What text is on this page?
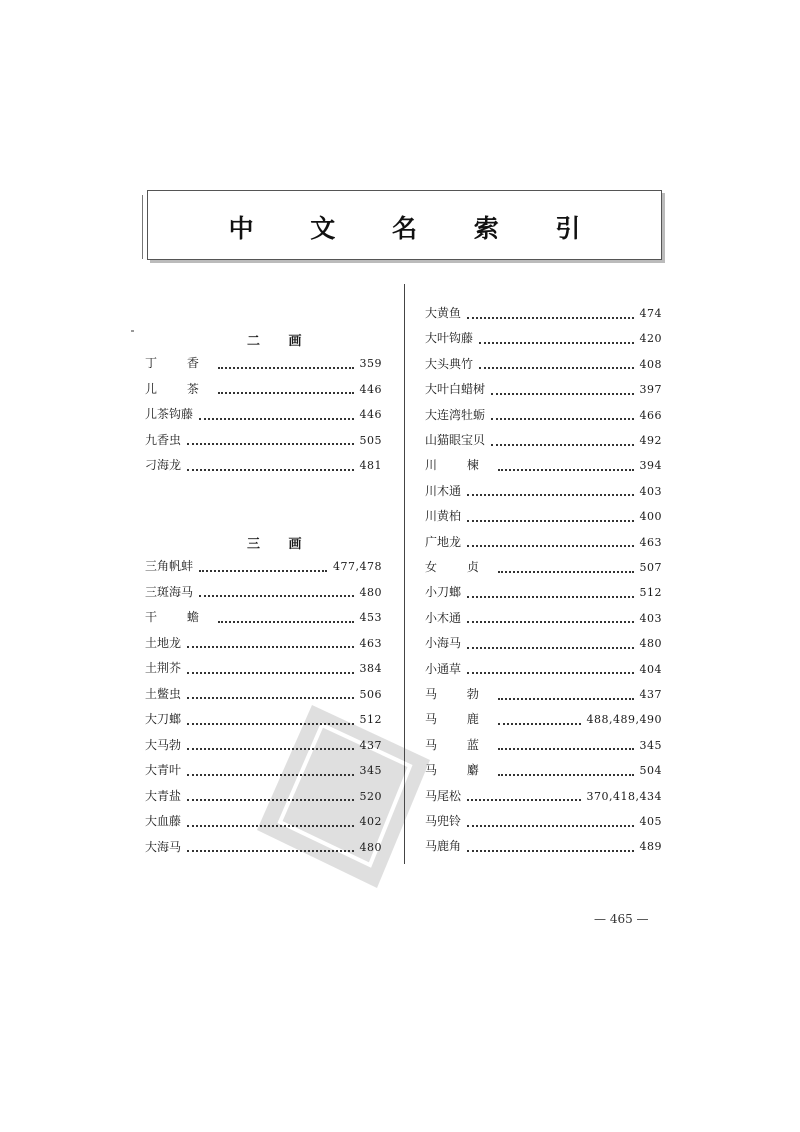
中 文 名 索 引
二 画
丁 香	359
儿 茶	446
儿茶钩藤	446
九香虫	505
刁海龙	481
三 画
三角帆蚌	477,478
三斑海马	480
干 蟾	453
土地龙	463
土荆芥	384
土鳖虫	506
大刀螂	512
大马勃	437
大青叶	345
大青盐	520
大血藤	402
大海马	480
大黄鱼	474
大叶钩藤	420
大头典竹	408
大叶白蜡树	397
大连湾牡蛎	466
山猫眼宝贝	492
川 楝	394
川木通	403
川黄柏	400
广地龙	463
女 贞	507
小刀螂	512
小木通	403
小海马	480
小通草	404
马 勃	437
马 鹿	488,489,490
马 蓝	345
马 麝	504
马尾松	370,418,434
马兜铃	405
马鹿角	489
— 465 —
